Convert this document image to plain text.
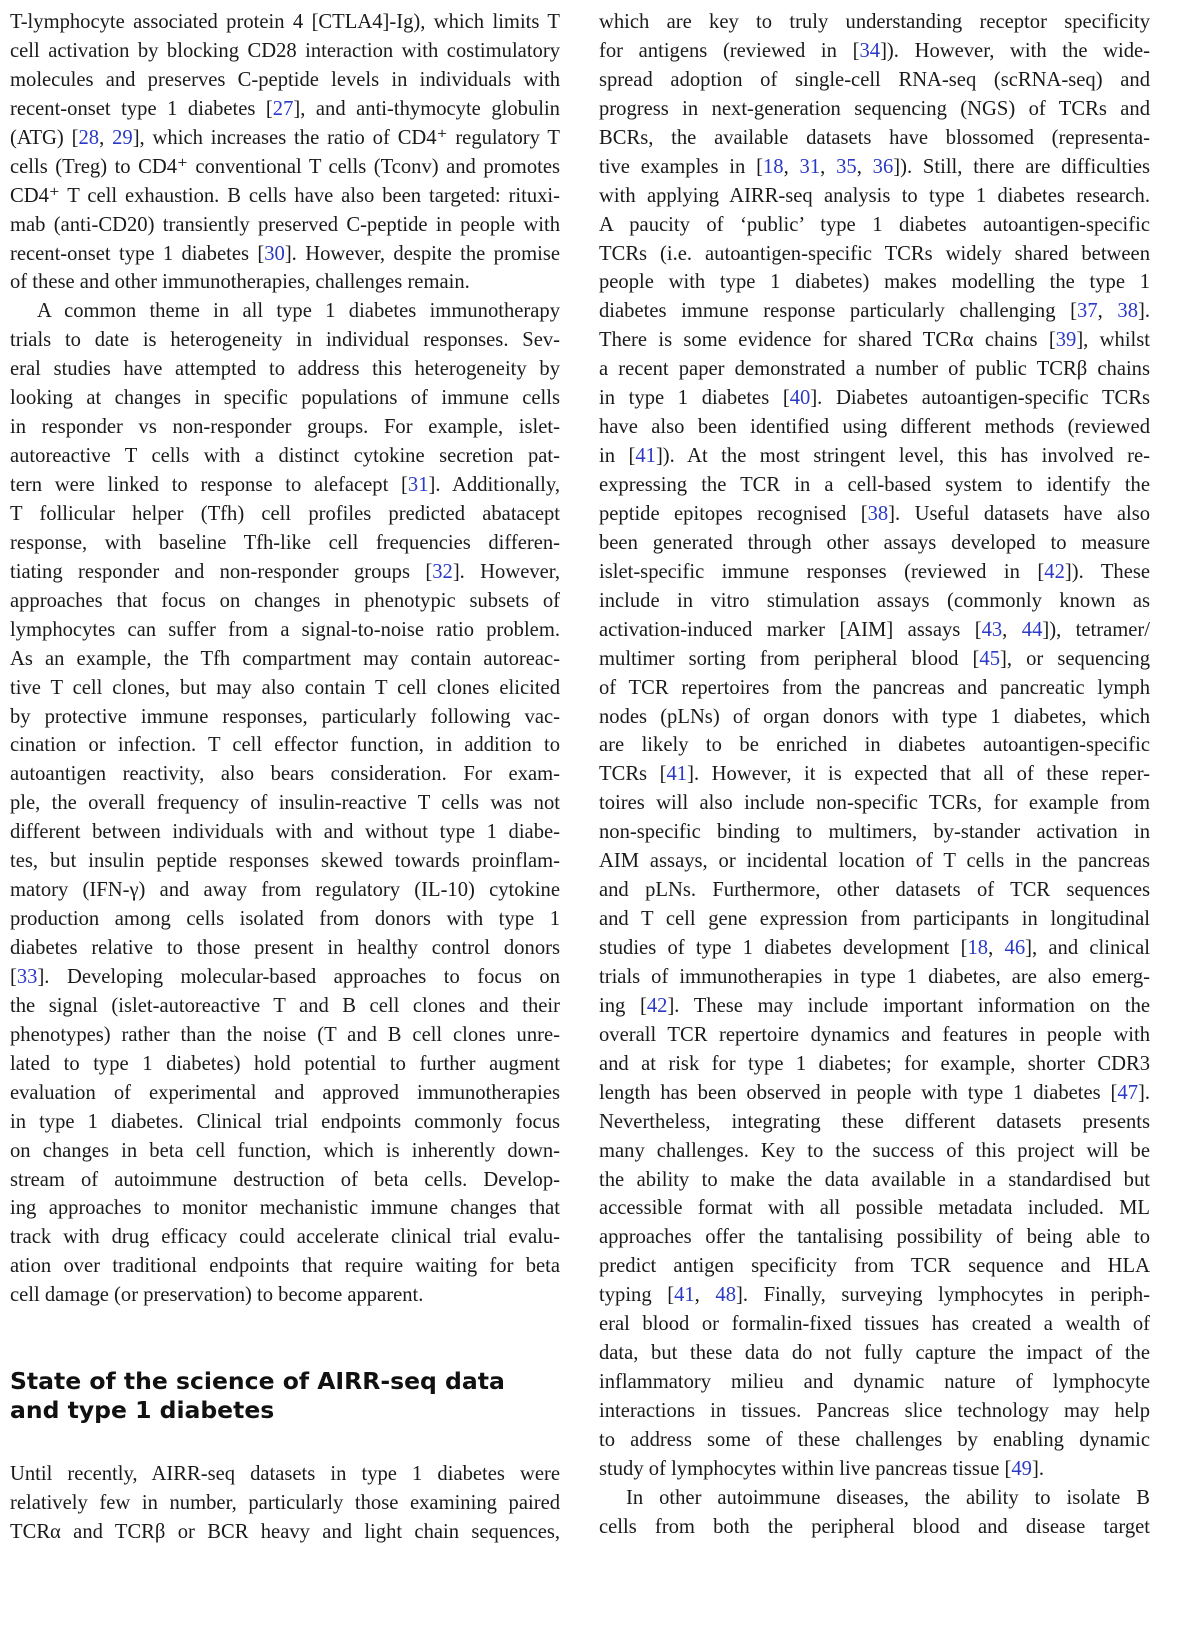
T-lymphocyte associated protein 4 [CTLA4]-Ig), which limits T
cell activation by blocking CD28 interaction with costimulatory
molecules and preserves C-peptide levels in individuals with
recent-onset type 1 diabetes [27], and anti-thymocyte globulin
(ATG) [28, 29], which increases the ratio of CD4⁺ regulatory T
cells (Treg) to CD4⁺ conventional T cells (Tconv) and promotes
CD4⁺ T cell exhaustion. B cells have also been targeted: rituxi-
mab (anti-CD20) transiently preserved C-peptide in people with
recent-onset type 1 diabetes [30]. However, despite the promise
of these and other immunotherapies, challenges remain.
A common theme in all type 1 diabetes immunotherapy
trials to date is heterogeneity in individual responses. Sev-
eral studies have attempted to address this heterogeneity by
looking at changes in specific populations of immune cells
in responder vs non-responder groups. For example, islet-
autoreactive T cells with a distinct cytokine secretion pat-
tern were linked to response to alefacept [31]. Additionally,
T follicular helper (Tfh) cell profiles predicted abatacept
response, with baseline Tfh-like cell frequencies differen-
tiating responder and non-responder groups [32]. However,
approaches that focus on changes in phenotypic subsets of
lymphocytes can suffer from a signal-to-noise ratio problem.
As an example, the Tfh compartment may contain autoreac-
tive T cell clones, but may also contain T cell clones elicited
by protective immune responses, particularly following vac-
cination or infection. T cell effector function, in addition to
autoantigen reactivity, also bears consideration. For exam-
ple, the overall frequency of insulin-reactive T cells was not
different between individuals with and without type 1 diabe-
tes, but insulin peptide responses skewed towards proinflam-
matory (IFN-γ) and away from regulatory (IL-10) cytokine
production among cells isolated from donors with type 1
diabetes relative to those present in healthy control donors
[33]. Developing molecular-based approaches to focus on
the signal (islet-autoreactive T and B cell clones and their
phenotypes) rather than the noise (T and B cell clones unre-
lated to type 1 diabetes) hold potential to further augment
evaluation of experimental and approved immunotherapies
in type 1 diabetes. Clinical trial endpoints commonly focus
on changes in beta cell function, which is inherently down-
stream of autoimmune destruction of beta cells. Develop-
ing approaches to monitor mechanistic immune changes that
track with drug efficacy could accelerate clinical trial evalu-
ation over traditional endpoints that require waiting for beta
cell damage (or preservation) to become apparent.
State of the science of AIRR-seq data
and type 1 diabetes
Until recently, AIRR-seq datasets in type 1 diabetes were
relatively few in number, particularly those examining paired
TCRα and TCRβ or BCR heavy and light chain sequences,
which are key to truly understanding receptor specificity
for antigens (reviewed in [34]). However, with the wide-
spread adoption of single-cell RNA-seq (scRNA-seq) and
progress in next-generation sequencing (NGS) of TCRs and
BCRs, the available datasets have blossomed (representa-
tive examples in [18, 31, 35, 36]). Still, there are difficulties
with applying AIRR-seq analysis to type 1 diabetes research.
A paucity of ‘public’ type 1 diabetes autoantigen-specific
TCRs (i.e. autoantigen-specific TCRs widely shared between
people with type 1 diabetes) makes modelling the type 1
diabetes immune response particularly challenging [37, 38].
There is some evidence for shared TCRα chains [39], whilst
a recent paper demonstrated a number of public TCRβ chains
in type 1 diabetes [40]. Diabetes autoantigen-specific TCRs
have also been identified using different methods (reviewed
in [41]). At the most stringent level, this has involved re-
expressing the TCR in a cell-based system to identify the
peptide epitopes recognised [38]. Useful datasets have also
been generated through other assays developed to measure
islet-specific immune responses (reviewed in [42]). These
include in vitro stimulation assays (commonly known as
activation-induced marker [AIM] assays [43, 44]), tetramer/
multimer sorting from peripheral blood [45], or sequencing
of TCR repertoires from the pancreas and pancreatic lymph
nodes (pLNs) of organ donors with type 1 diabetes, which
are likely to be enriched in diabetes autoantigen-specific
TCRs [41]. However, it is expected that all of these reper-
toires will also include non-specific TCRs, for example from
non-specific binding to multimers, by-stander activation in
AIM assays, or incidental location of T cells in the pancreas
and pLNs. Furthermore, other datasets of TCR sequences
and T cell gene expression from participants in longitudinal
studies of type 1 diabetes development [18, 46], and clinical
trials of immunotherapies in type 1 diabetes, are also emerg-
ing [42]. These may include important information on the
overall TCR repertoire dynamics and features in people with
and at risk for type 1 diabetes; for example, shorter CDR3
length has been observed in people with type 1 diabetes [47].
Nevertheless, integrating these different datasets presents
many challenges. Key to the success of this project will be
the ability to make the data available in a standardised but
accessible format with all possible metadata included. ML
approaches offer the tantalising possibility of being able to
predict antigen specificity from TCR sequence and HLA
typing [41, 48]. Finally, surveying lymphocytes in periph-
eral blood or formalin-fixed tissues has created a wealth of
data, but these data do not fully capture the impact of the
inflammatory milieu and dynamic nature of lymphocyte
interactions in tissues. Pancreas slice technology may help
to address some of these challenges by enabling dynamic
study of lymphocytes within live pancreas tissue [49].
In other autoimmune diseases, the ability to isolate B
cells from both the peripheral blood and disease target
